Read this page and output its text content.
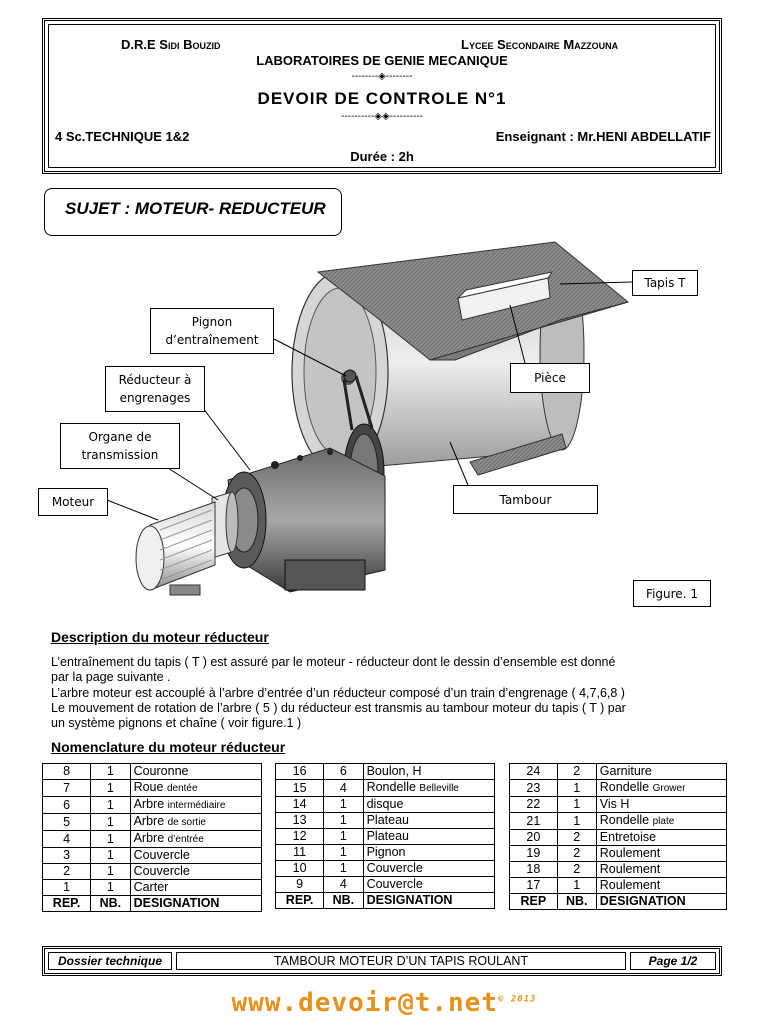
D.R.E Sidi Bouzid	Lycee Secondaire Mazzouna
LABORATOIRES DE GENIE MECANIQUE
--------◈--------
DEVOIR DE CONTROLE N°1
----------◈◈----------
4 Sc.TECHNIQUE 1&2	Enseignant : Mr.HENI ABDELLATIF
Durée : 2h
SUJET : MOTEUR- REDUCTEUR
Tapis T
Pignon
d’entraînement
Pièce
Réducteur à
engrenages
Organe de
transmission
Tambour
Moteur
Figure. 1
Description du moteur réducteur
L’entraînement du tapis ( T ) est assuré par le moteur - réducteur dont le dessin d’ensemble est donné
par la page suivante .
L’arbre moteur est accouplé à l’arbre d’entrée d’un réducteur composé d’un train d’engrenage ( 4,7,6,8 )
Le mouvement de rotation de l’arbre ( 5 ) du réducteur est transmis au tambour moteur du tapis ( T ) par
un système pignons et chaîne ( voir figure.1 )
Nomenclature du moteur réducteur
8	1	Couronne
7	1	Roue dentée
6	1	Arbre intermédiaire
5	1	Arbre de sortie
4	1	Arbre d’entrée
3	1	Couvercle
2	1	Couvercle
1	1	Carter
REP.	NB.	DESIGNATION
16	6	Boulon, H
15	4	Rondelle Belleville
14	1	disque
13	1	Plateau
12	1	Plateau
11	1	Pignon
10	1	Couvercle
9	4	Couvercle
REP.	NB.	DESIGNATION
24	2	Garniture
23	1	Rondelle Grower
22	1	Vis H
21	1	Rondelle plate
20	2	Entretoise
19	2	Roulement
18	2	Roulement
17	1	Roulement
REP	NB.	DESIGNATION
Dossier technique	TAMBOUR MOTEUR D’UN TAPIS ROULANT	Page 1/2
www.devoir@t.net$^{© 2013}$
